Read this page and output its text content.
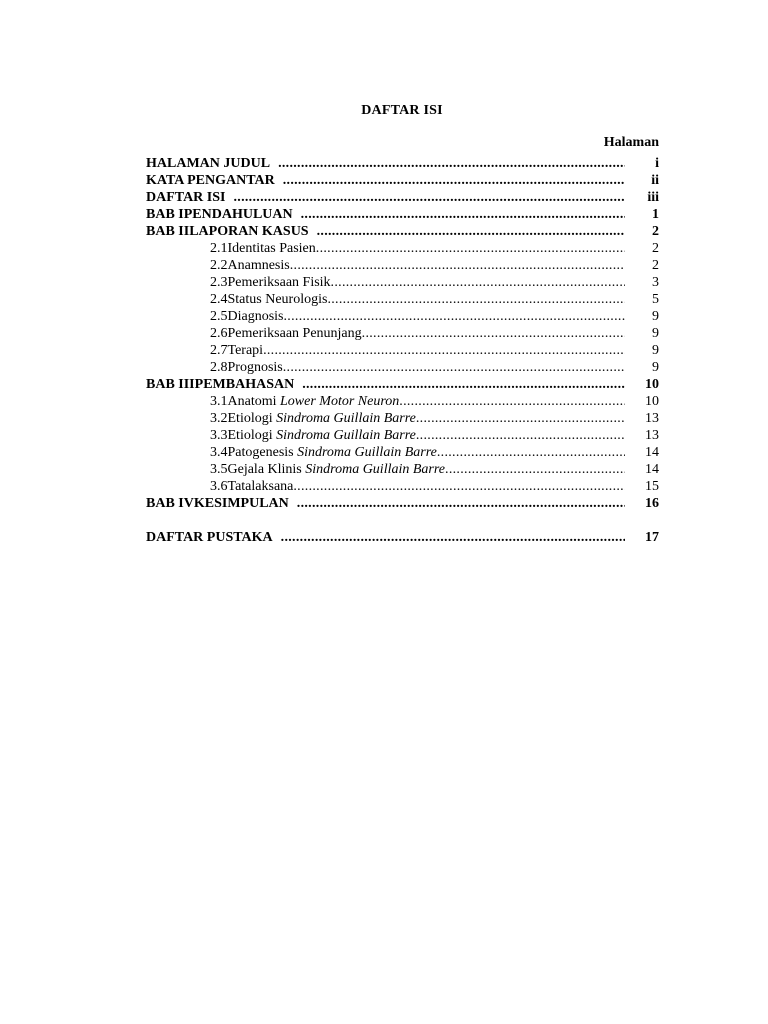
DAFTAR ISI
Halaman
HALAMAN JUDUL .....	i
KATA PENGANTAR .....	ii
DAFTAR ISI .....	iii
BAB I PENDAHULUAN .....	1
BAB II LAPORAN KASUS .....	2
2.1 Identitas Pasien .....	2
2.2 Anamnesis .....	2
2.3 Pemeriksaan Fisik .....	3
2.4 Status Neurologis .....	5
2.5 Diagnosis .....	9
2.6 Pemeriksaan Penunjang .....	9
2.7 Terapi .....	9
2.8 Prognosis .....	9
BAB III PEMBAHASAN .....	10
3.1 Anatomi Lower Motor Neuron .....	10
3.2 Etiologi Sindroma Guillain Barre .....	13
3.3 Etiologi Sindroma Guillain Barre .....	13
3.4 Patogenesis Sindroma Guillain Barre .....	14
3.5 Gejala Klinis Sindroma Guillain Barre .....	14
3.6 Tatalaksana .....	15
BAB IV KESIMPULAN .....	16
DAFTAR PUSTAKA .....	17
